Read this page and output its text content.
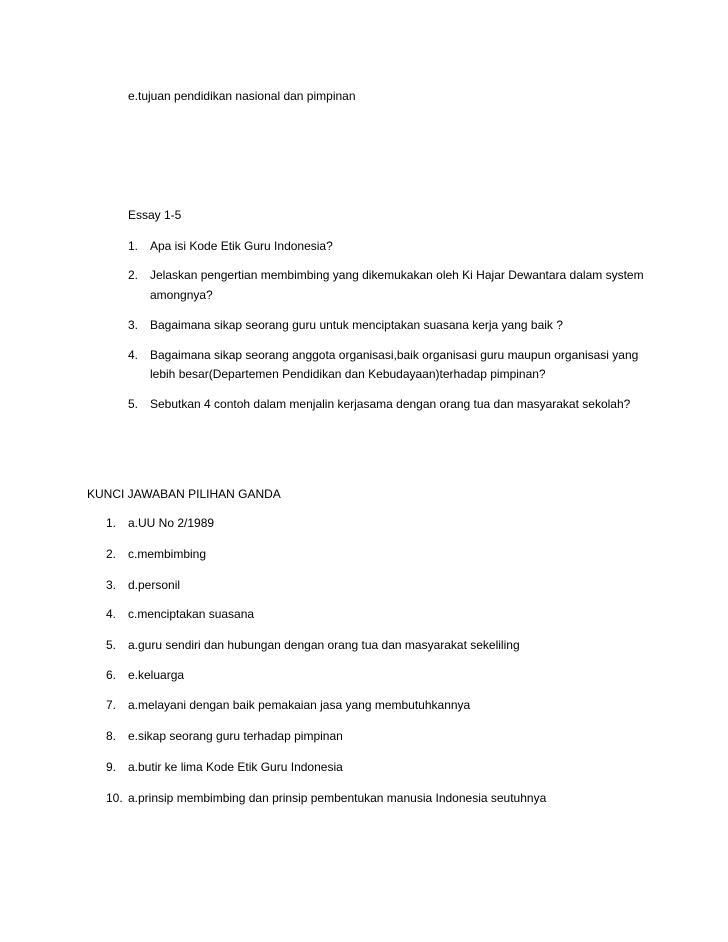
e.tujuan pendidikan nasional dan pimpinan
Essay 1-5
1. Apa isi Kode Etik Guru Indonesia?
2. Jelaskan pengertian membimbing yang dikemukakan oleh Ki Hajar Dewantara dalam system
amongnya?
3. Bagaimana sikap seorang guru untuk menciptakan suasana kerja yang baik ?
4. Bagaimana sikap seorang anggota organisasi,baik organisasi guru maupun organisasi yang
lebih besar(Departemen Pendidikan dan Kebudayaan)terhadap pimpinan?
5. Sebutkan 4 contoh dalam menjalin kerjasama dengan orang tua dan masyarakat sekolah?
KUNCI JAWABAN PILIHAN GANDA
1. a.UU No 2/1989
2. c.membimbing
3. d.personil
4. c.menciptakan suasana
5. a.guru sendiri dan hubungan dengan orang tua dan masyarakat sekeliling
6. e.keluarga
7. a.melayani dengan baik pemakaian jasa yang membutuhkannya
8. e.sikap seorang guru terhadap pimpinan
9. a.butir ke lima Kode Etik Guru Indonesia
10. a.prinsip membimbing dan prinsip pembentukan manusia Indonesia seutuhnya
